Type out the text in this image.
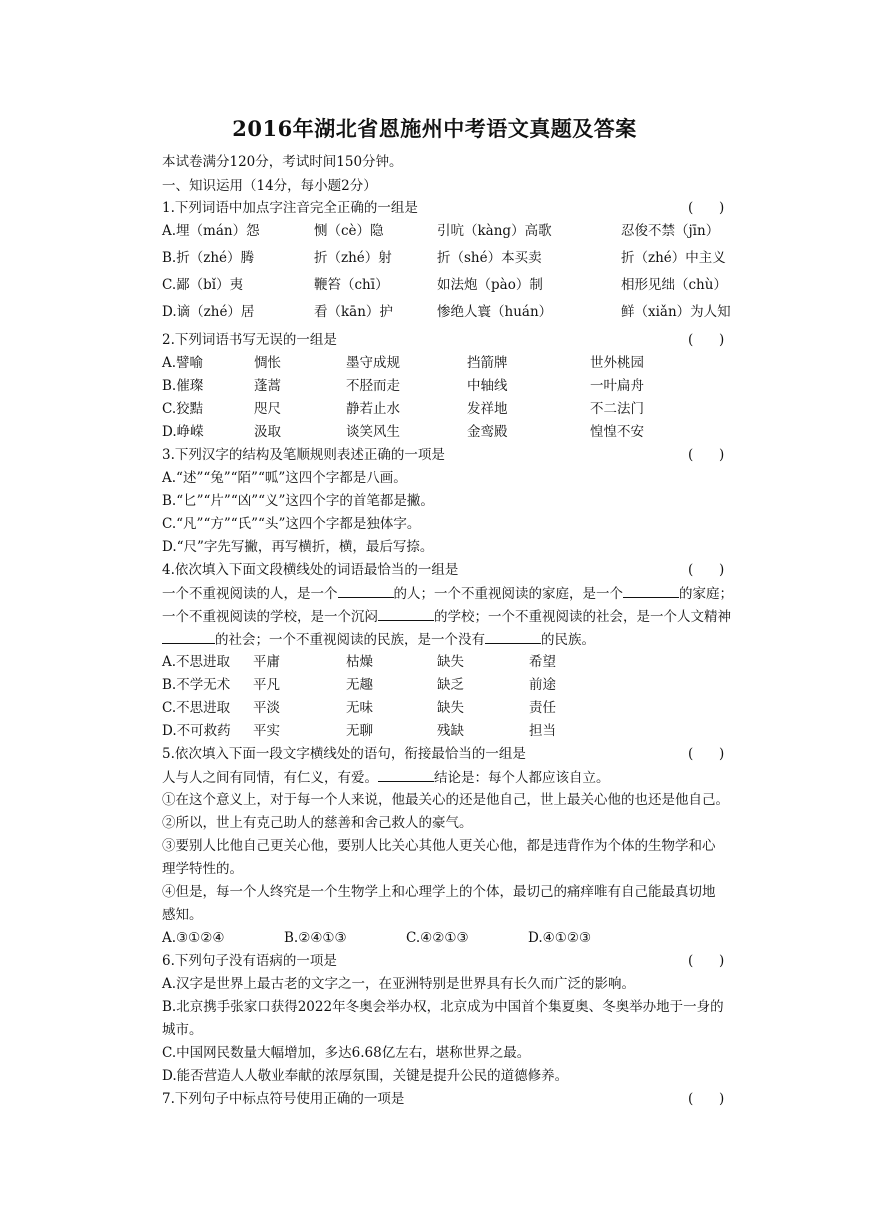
2016年湖北省恩施州中考语文真题及答案
本试卷满分120分，考试时间150分钟。
一、知识运用（14分，每小题2分）
1.下列词语中加点字注音完全正确的一组是	(      )
A.埋（mán）怨	恻（cè）隐	引吭（kàng）高歌	忍俊不禁（jīn）
B.折（zhé）腾	折（zhé）射	折（shé）本买卖	折（zhé）中主义
C.鄙（bǐ）夷	鞭笞（chī）	如法炮（pào）制	相形见绌（chù）
D.谪（zhé）居	看（kān）护	惨绝人寰（huán）	鲜（xiǎn）为人知
2.下列词语书写无误的一组是	(      )
A.譬喻	惆怅	墨守成规	挡箭牌	世外桃园
B.催璨	蓬蒿	不胫而走	中轴线	一叶扁舟
C.狡黠	咫尺	静若止水	发祥地	不二法门
D.峥嵘	汲取	谈笑风生	金鸾殿	惶惶不安
3.下列汉字的结构及笔顺规则表述正确的一项是	(      )
A.“述”“兔”“陌”“呱”这四个字都是八画。
B.“匕”“片”“凶”“义”这四个字的首笔都是撇。
C.“凡”“方”“氏”“头”这四个字都是独体字。
D.“尺”字先写撇，再写横折，横，最后写捺。
4.依次填入下面文段横线处的词语最恰当的一组是	(      )
一个不重视阅读的人，是一个	的人；一个不重视阅读的家庭，是一个	的家庭；
一个不重视阅读的学校，是一个沉闷	的学校；一个不重视阅读的社会，是一个人文精神
的社会；一个不重视阅读的民族，是一个没有	的民族。
A.不思进取 平庸	枯燥	缺失	希望
B.不学无术 平凡	无趣	缺乏	前途
C.不思进取 平淡	无味	缺失	责任
D.不可救药 平实	无聊	残缺	担当
5.依次填入下面一段文字横线处的语句，衔接最恰当的一组是	(      )
人与人之间有同情，有仁义，有爱。	结论是：每个人都应该自立。
①在这个意义上，对于每一个人来说，他最关心的还是他自己，世上最关心他的也还是他自己。
②所以，世上有克己助人的慈善和舍己救人的豪气。
③要别人比他自己更关心他，要别人比关心其他人更关心他，都是违背作为个体的生物学和心
理学特性的。
④但是，每一个人终究是一个生物学上和心理学上的个体，最切己的痛痒唯有自己能最真切地
感知。
A.③①②④	B.②④①③	C.④②①③	D.④①②③
6.下列句子没有语病的一项是	(      )
A.汉字是世界上最古老的文字之一，在亚洲特别是世界具有长久而广泛的影响。
B.北京携手张家口获得2022年冬奥会举办权，北京成为中国首个集夏奥、冬奥举办地于一身的
城市。
C.中国网民数量大幅增加，多达6.68亿左右，堪称世界之最。
D.能否营造人人敬业奉献的浓厚氛围，关键是提升公民的道德修养。
7.下列句子中标点符号使用正确的一项是	(      )
